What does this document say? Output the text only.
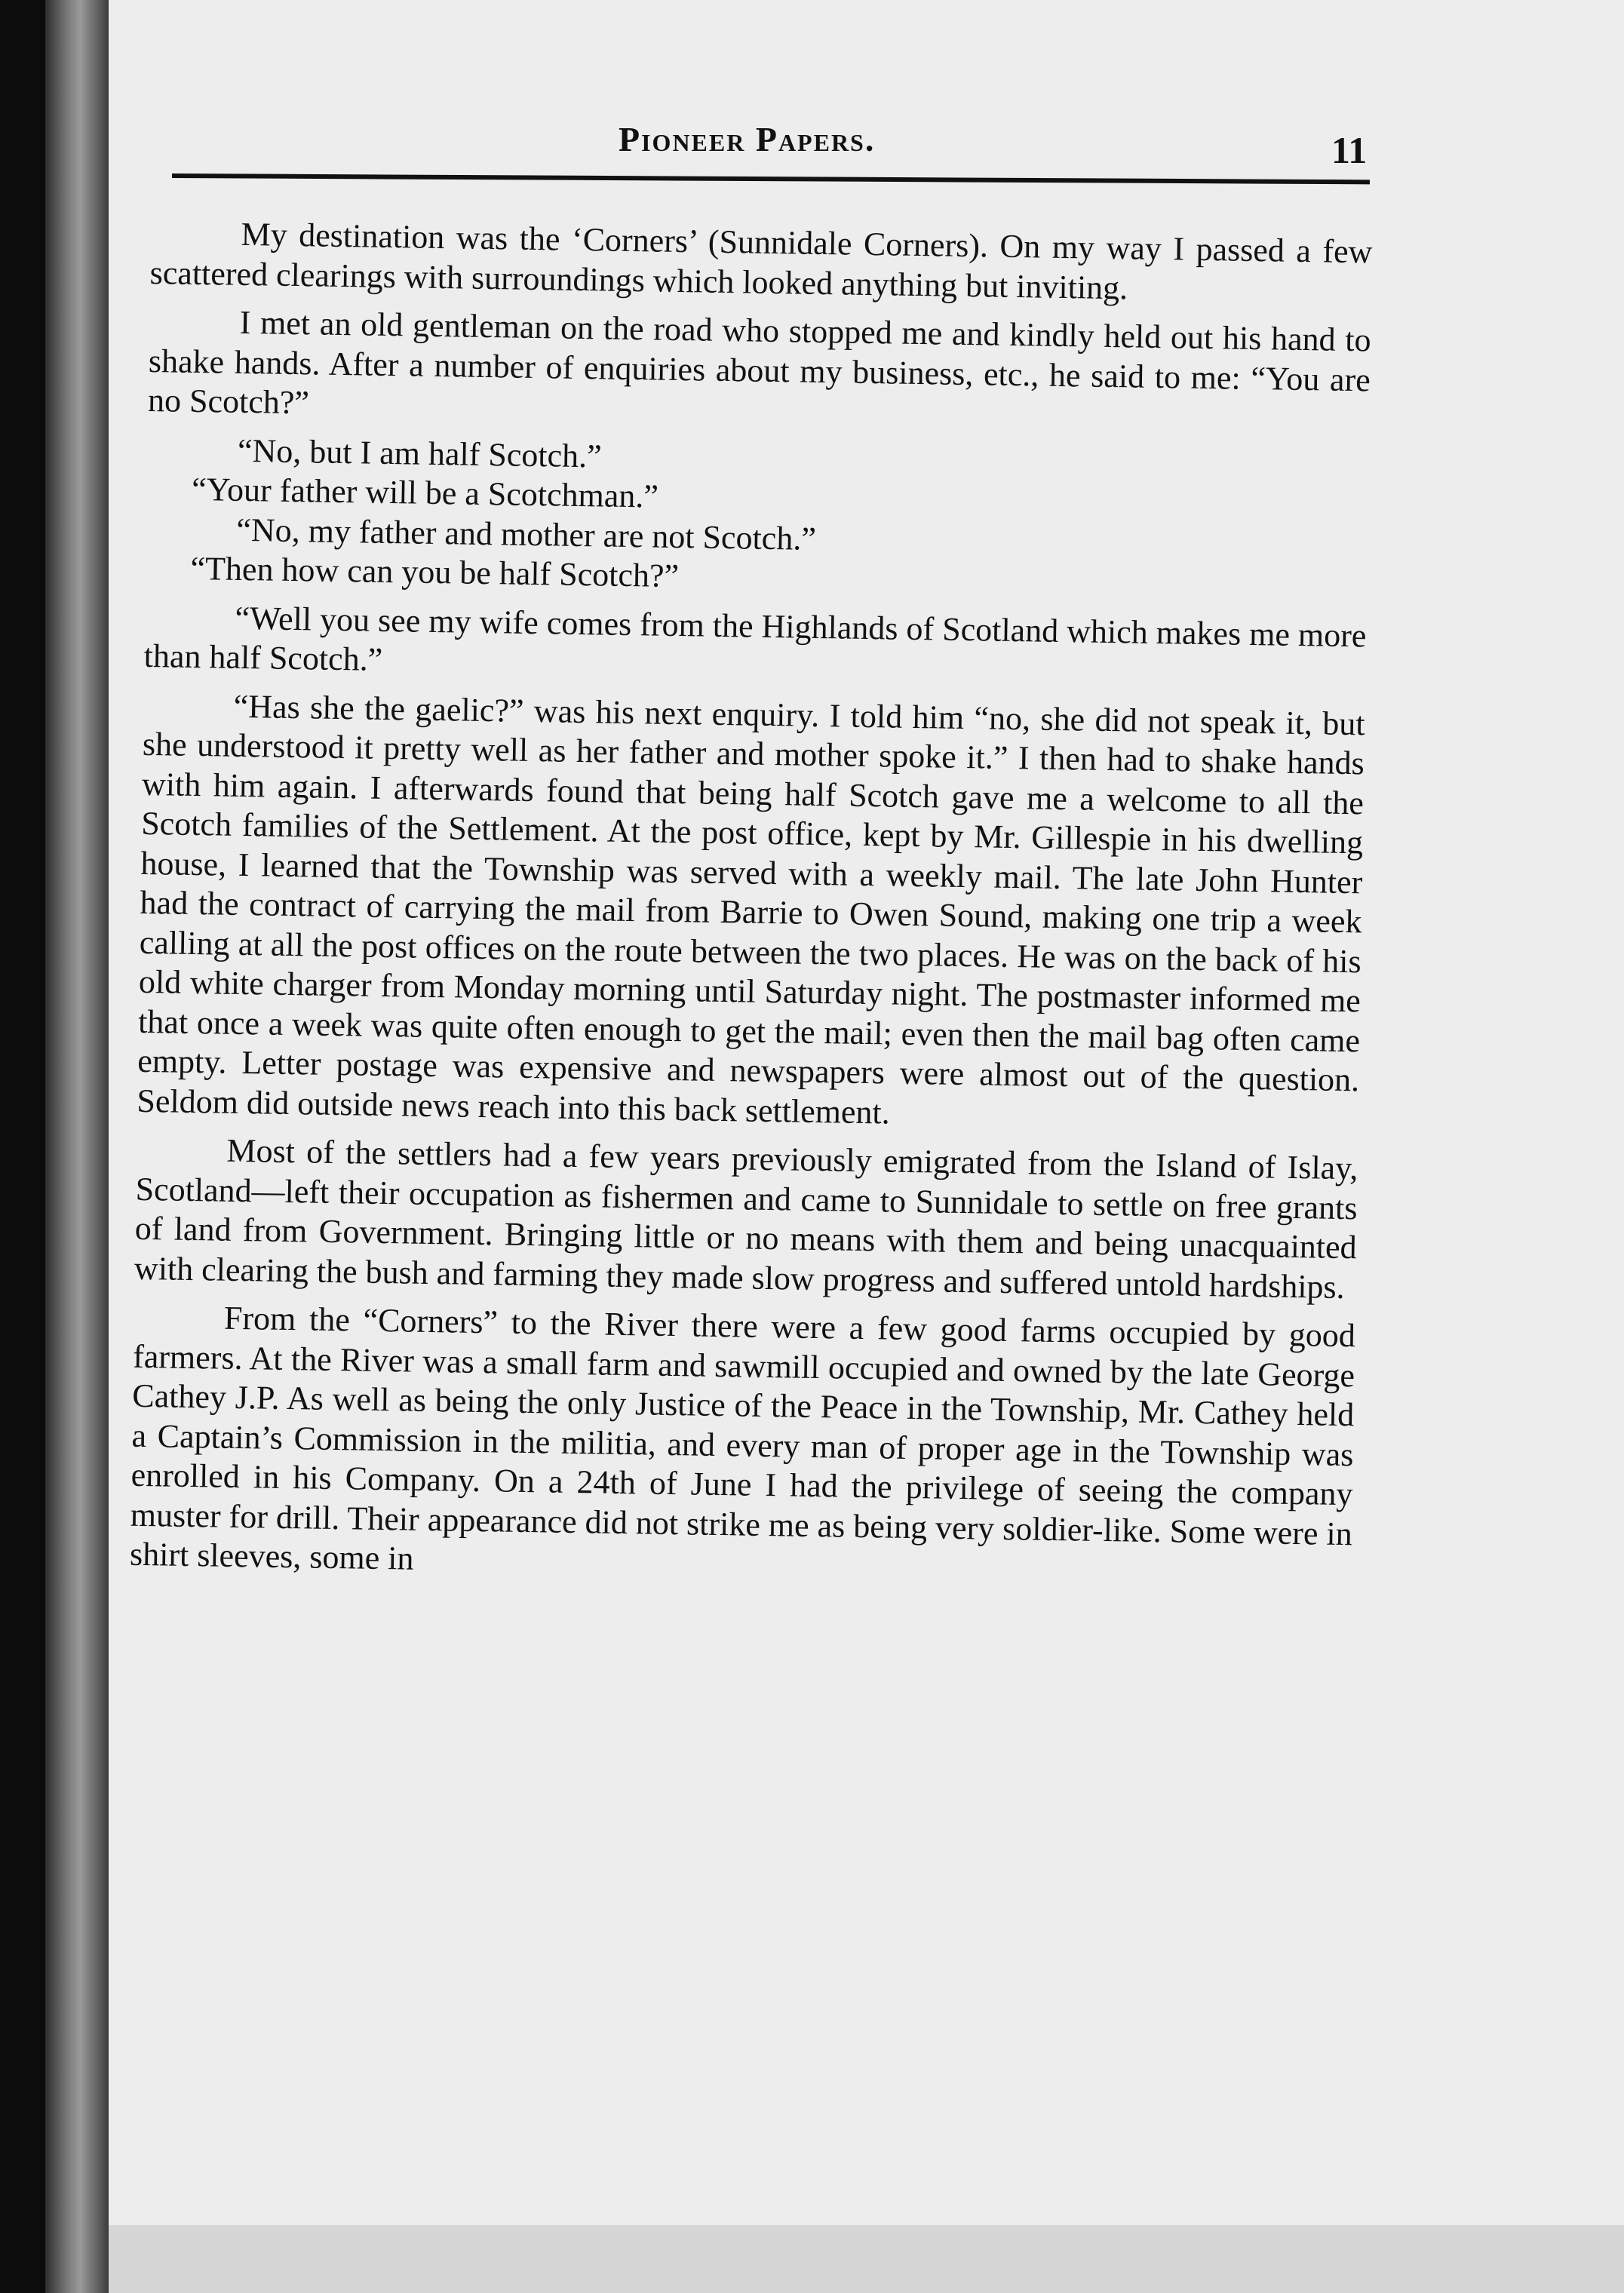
Pioneer Papers.	11

My destination was the ‘Corners’ (Sunnidale Corners). On my way I passed a few scattered clearings with surroundings which looked anything but inviting.

I met an old gentleman on the road who stopped me and kindly held out his hand to shake hands. After a number of enquiries about my business, etc., he said to me: “You are no Scotch?”

“No, but I am half Scotch.”

“Your father will be a Scotchman.”

“No, my father and mother are not Scotch.”

“Then how can you be half Scotch?”

“Well you see my wife comes from the Highlands of Scotland which makes me more than half Scotch.”

“Has she the gaelic?” was his next enquiry. I told him “no, she did not speak it, but she understood it pretty well as her father and mother spoke it.” I then had to shake hands with him again. I afterwards found that being half Scotch gave me a welcome to all the Scotch families of the Settlement. At the post office, kept by Mr. Gillespie in his dwelling house, I learned that the Township was served with a weekly mail. The late John Hunter had the contract of carrying the mail from Barrie to Owen Sound, making one trip a week calling at all the post offices on the route between the two places. He was on the back of his old white charger from Monday morning until Saturday night. The postmaster informed me that once a week was quite often enough to get the mail; even then the mail bag often came empty. Letter postage was expensive and newspapers were almost out of the question. Seldom did outside news reach into this back settlement.

Most of the settlers had a few years previously emigrated from the Island of Islay, Scotland—left their occupation as fishermen and came to Sunnidale to settle on free grants of land from Government. Bringing little or no means with them and being unacquainted with clearing the bush and farming they made slow progress and suffered untold hardships.

From the “Corners” to the River there were a few good farms occupied by good farmers. At the River was a small farm and sawmill occupied and owned by the late George Cathey J.P. As well as being the only Justice of the Peace in the Township, Mr. Cathey held a Captain’s Commission in the militia, and every man of proper age in the Township was enrolled in his Company. On a 24th of June I had the privilege of seeing the company muster for drill. Their appearance did not strike me as being very soldier-like. Some were in shirt sleeves, some in
